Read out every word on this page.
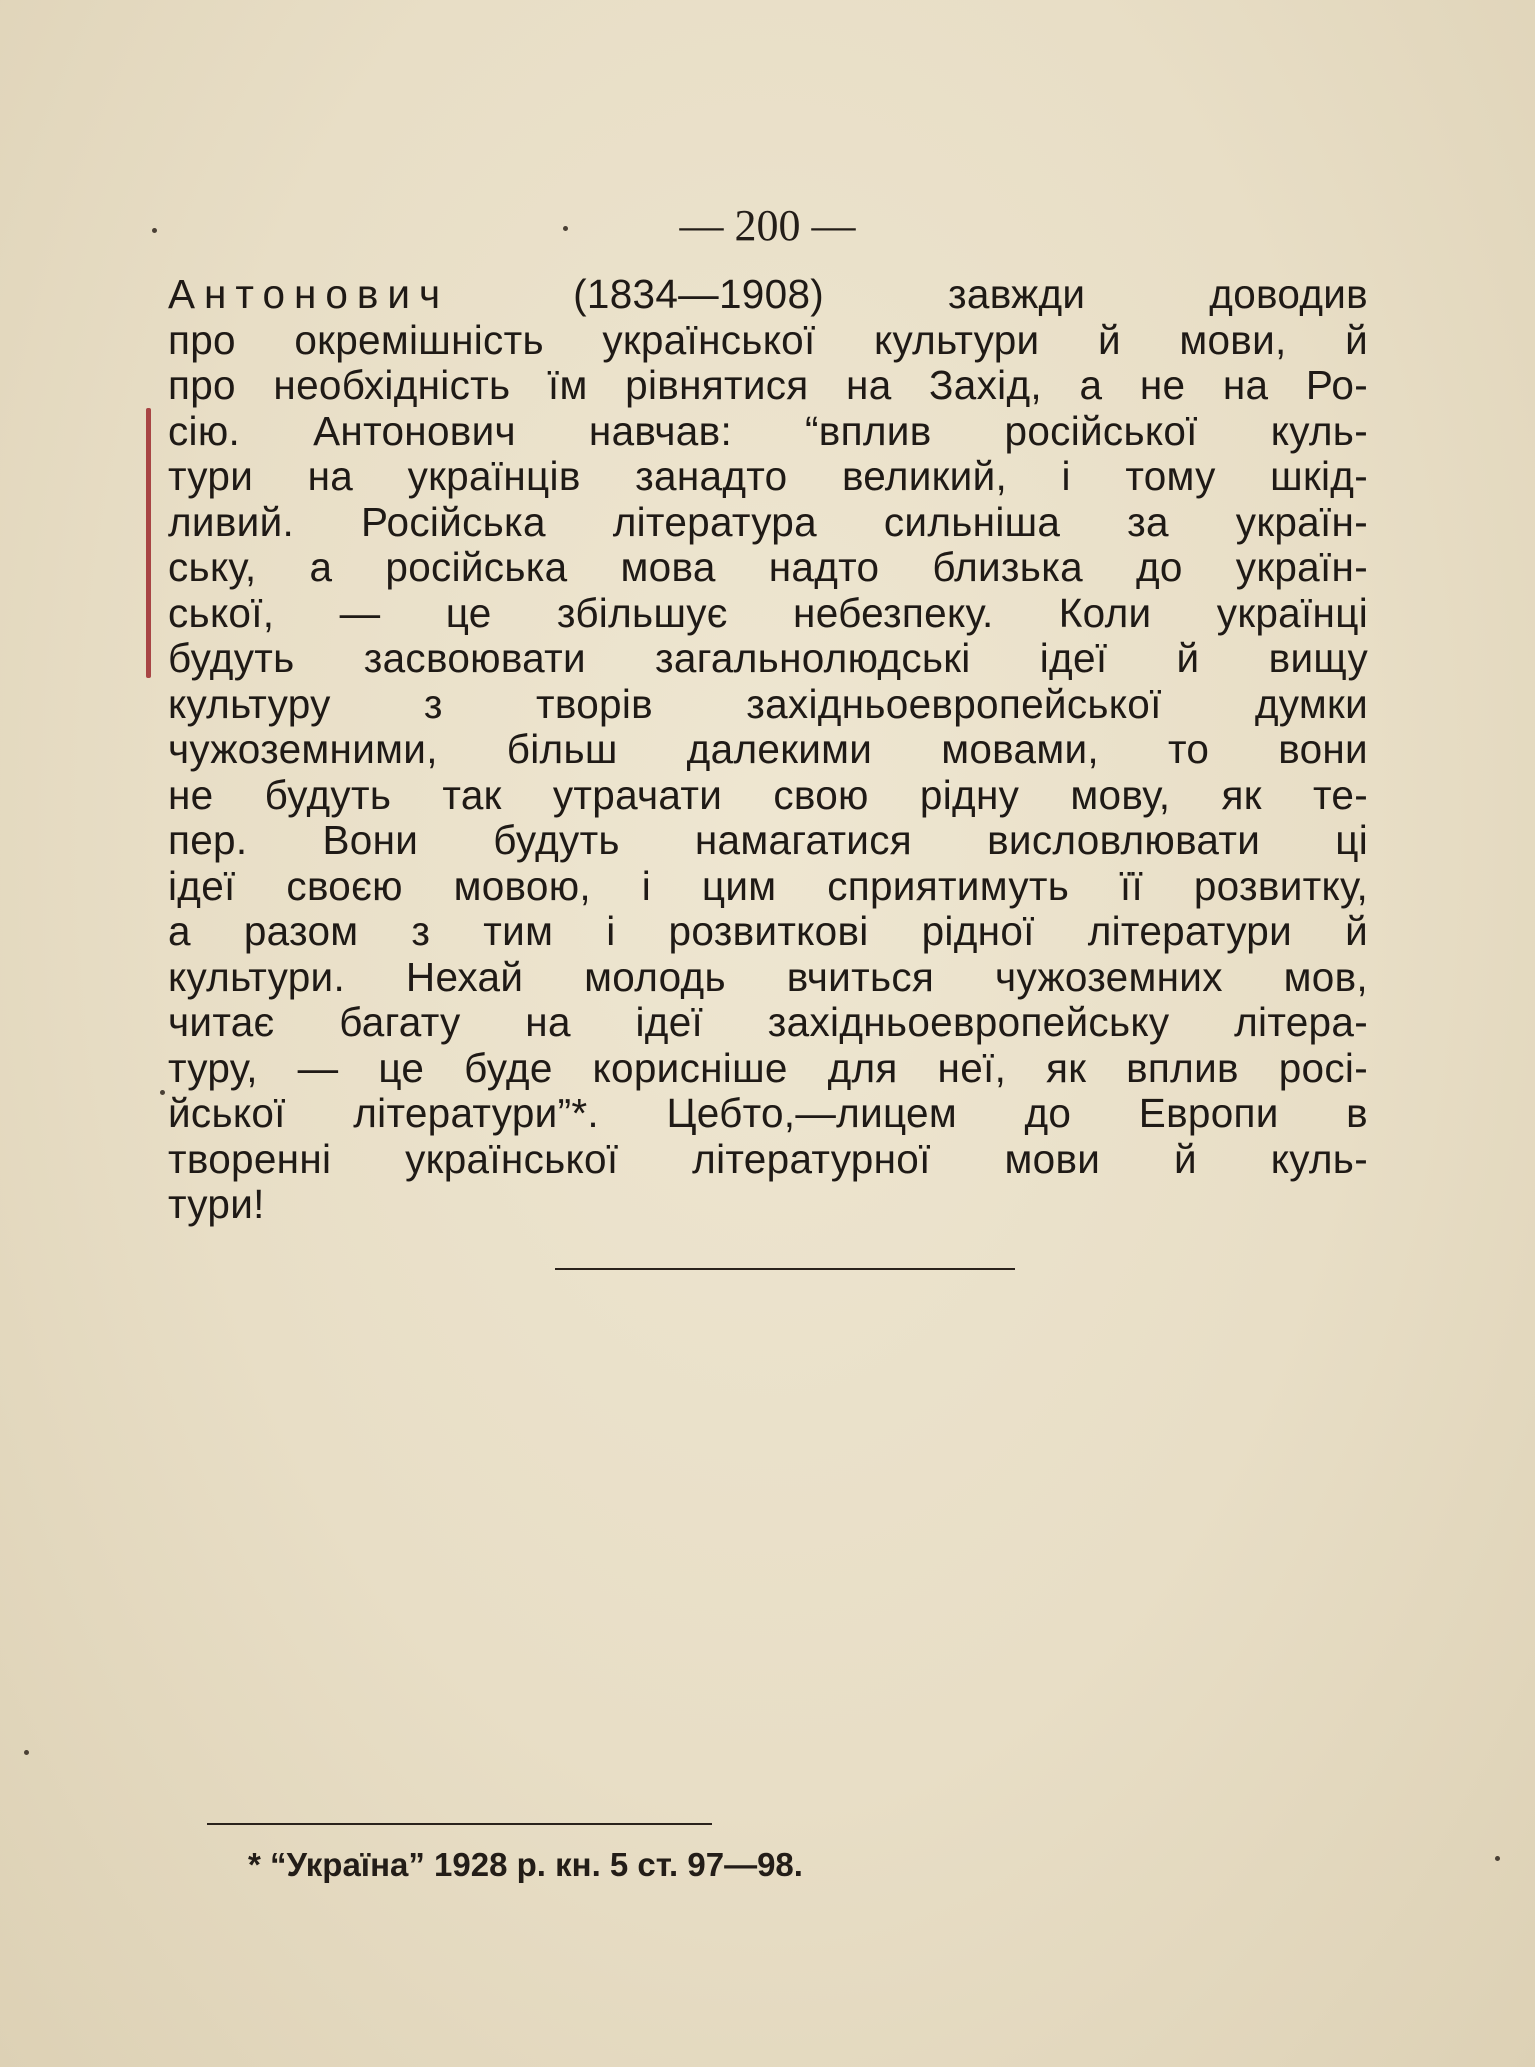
— 200 —
Антонович (1834—1908) завжди доводив
про окремішність української культури й мови, й
про необхідність їм рівнятися на Захід, а не на Ро-
сію. Антонович навчав: “вплив російської куль-
тури на українців занадто великий, і тому шкід-
ливий. Російська література сильніша за україн-
ську, а російська мова надто близька до україн-
ської, — це збільшує небезпеку. Коли українці
будуть засвоювати загальнолюдські ідеї й вищу
культуру з творів західньоевропейської думки
чужоземними, більш далекими мовами, то вони
не будуть так утрачати свою рідну мову, як те-
пер. Вони будуть намагатися висловлювати ці
ідеї своєю мовою, і цим сприятимуть її розвитку,
а разом з тим і розвиткові рідної літератури й
культури. Нехай молодь вчиться чужоземних мов,
читає багату на ідеї західньоевропейську літера-
туру, — це буде корисніше для неї, як вплив росі-
йської літератури”*. Цебто,—лицем до Европи в
творенні української літературної мови й куль-
тури!
* “Україна” 1928 р. кн. 5 ст. 97—98.
